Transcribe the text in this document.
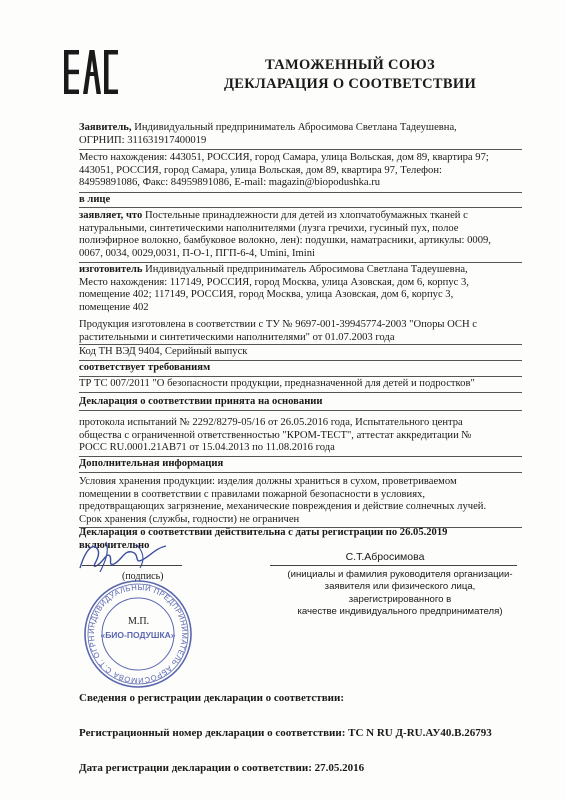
ТАМОЖЕННЫЙ СОЮЗ
ДЕКЛАРАЦИЯ О СООТВЕТСТВИИ
Заявитель, Индивидуальный предприниматель Абросимова Светлана Тадеушевна,
ОГРНИП: 311631917400019
Место нахождения: 443051, РОССИЯ, город Самара, улица Вольская, дом 89, квартира 97;
443051, РОССИЯ, город Самара, улица Вольская, дом 89, квартира 97, Телефон:
84959891086, Факс: 84959891086, E-mail: magazin@biopodushka.ru
в лице
заявляет, что Постельные принадлежности для детей из хлопчатобумажных тканей с
натуральными, синтетическими наполнителями (лузга гречихи, гусиный пух, полое
полиэфирное волокно, бамбуковое волокно, лен): подушки, наматрасники, артикулы: 0009,
0067, 0034, 0029,0031, П-О-1, ПГП-6-4, Umini, Imini
изготовитель Индивидуальный предприниматель Абросимова Светлана Тадеушевна,
Место нахождения: 117149, РОССИЯ, город Москва, улица Азовская, дом 6, корпус 3,
помещение 402; 117149, РОССИЯ, город Москва, улица Азовская, дом 6, корпус 3,
помещение 402
Продукция изготовлена в соответствии с ТУ № 9697-001-39945774-2003 "Опоры ОСН с
растительными и синтетическими наполнителями" от 01.07.2003 года
Код ТН ВЭД 9404, Серийный выпуск
соответствует требованиям
ТР ТС 007/2011 "О безопасности продукции, предназначенной для детей и подростков"
Декларация о соответствии принята на основании
протокола испытаний № 2292/8279-05/16 от 26.05.2016 года, Испытательного центра
общества с ограниченной ответственностью "КРОМ-ТЕСТ", аттестат аккредитации №
РОСС RU.0001.21АВ71 от 15.04.2013 по 11.08.2016 года
Дополнительная информация
Условия хранения продукции: изделия должны храниться в сухом, проветриваемом
помещении в соответствии с правилами пожарной безопасности в условиях,
предотвращающих загрязнение, механические повреждения и действие солнечных лучей.
Срок хранения (службы, годности) не ограничен
Декларация о соответствии действительна с даты регистрации по 26.05.2019
включительно
ИНДИВИДУАЛЬНЫЙ ПРЕДПРИНИМАТЕЛЬ АБРОСИМОВА С.Т. ОГРН «БИО-ПОДУШКА»
(подпись)
М.П.
С.Т.Абросимова
(инициалы и фамилия руководителя организации-
заявителя или физического лица, зарегистрированного в
качестве индивидуального предпринимателя)
Сведения о регистрации декларации о соответствии:
Регистрационный номер декларации о соответствии: ТС N RU Д-RU.АУ40.В.26793
Дата регистрации декларации о соответствии: 27.05.2016
